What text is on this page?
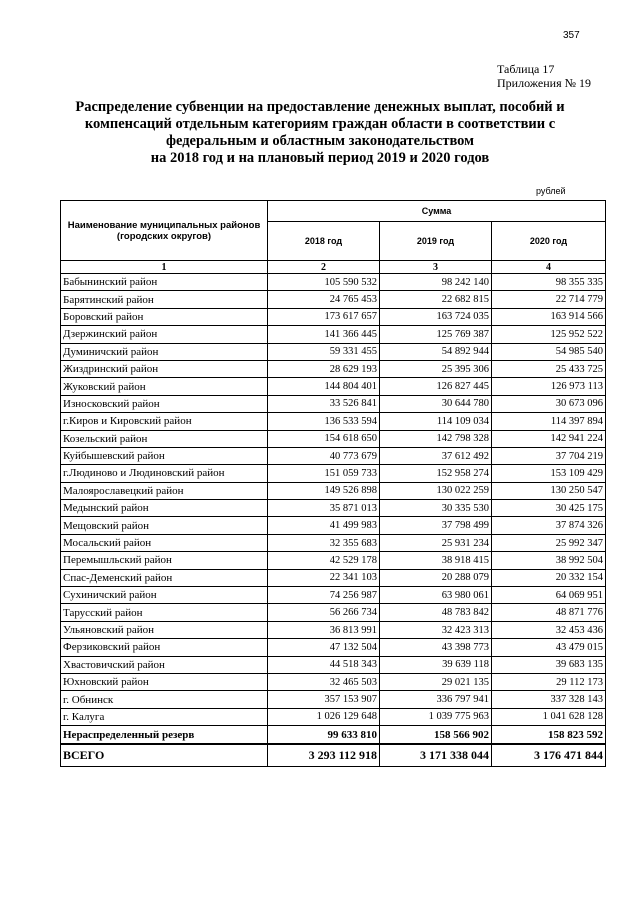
357
Таблица 17
Приложения № 19
Распределение субвенции на предоставление денежных выплат, пособий и
компенсаций отдельным категориям граждан области в соответствии с
федеральным и областным законодательством
на 2018 год и на плановый период 2019 и 2020 годов
рублей
Наименование муниципальных районов (городских округов)	Сумма		
	2018 год	2019 год	2020 год
1	2	3	4
Бабынинский район	105 590 532	98 242 140	98 355 335
Барятинский район	24 765 453	22 682 815	22 714 779
Боровский район	173 617 657	163 724 035	163 914 566
Дзержинский район	141 366 445	125 769 387	125 952 522
Думиничский район	59 331 455	54 892 944	54 985 540
Жиздринский район	28 629 193	25 395 306	25 433 725
Жуковский район	144 804 401	126 827 445	126 973 113
Износковский район	33 526 841	30 644 780	30 673 096
г.Киров и Кировский район	136 533 594	114 109 034	114 397 894
Козельский район	154 618 650	142 798 328	142 941 224
Куйбышевский район	40 773 679	37 612 492	37 704 219
г.Людиново и Людиновский район	151 059 733	152 958 274	153 109 429
Малоярославецкий район	149 526 898	130 022 259	130 250 547
Медынский район	35 871 013	30 335 530	30 425 175
Мещовский район	41 499 983	37 798 499	37 874 326
Мосальский район	32 355 683	25 931 234	25 992 347
Перемышльский район	42 529 178	38 918 415	38 992 504
Спас-Деменский район	22 341 103	20 288 079	20 332 154
Сухиничский район	74 256 987	63 980 061	64 069 951
Тарусский район	56 266 734	48 783 842	48 871 776
Ульяновский район	36 813 991	32 423 313	32 453 436
Ферзиковский район	47 132 504	43 398 773	43 479 015
Хвастовичский район	44 518 343	39 639 118	39 683 135
Юхновский район	32 465 503	29 021 135	29 112 173
г. Обнинск	357 153 907	336 797 941	337 328 143
г. Калуга	1 026 129 648	1 039 775 963	1 041 628 128
Нераспределенный резерв	99 633 810	158 566 902	158 823 592
ВСЕГО	3 293 112 918	3 171 338 044	3 176 471 844
